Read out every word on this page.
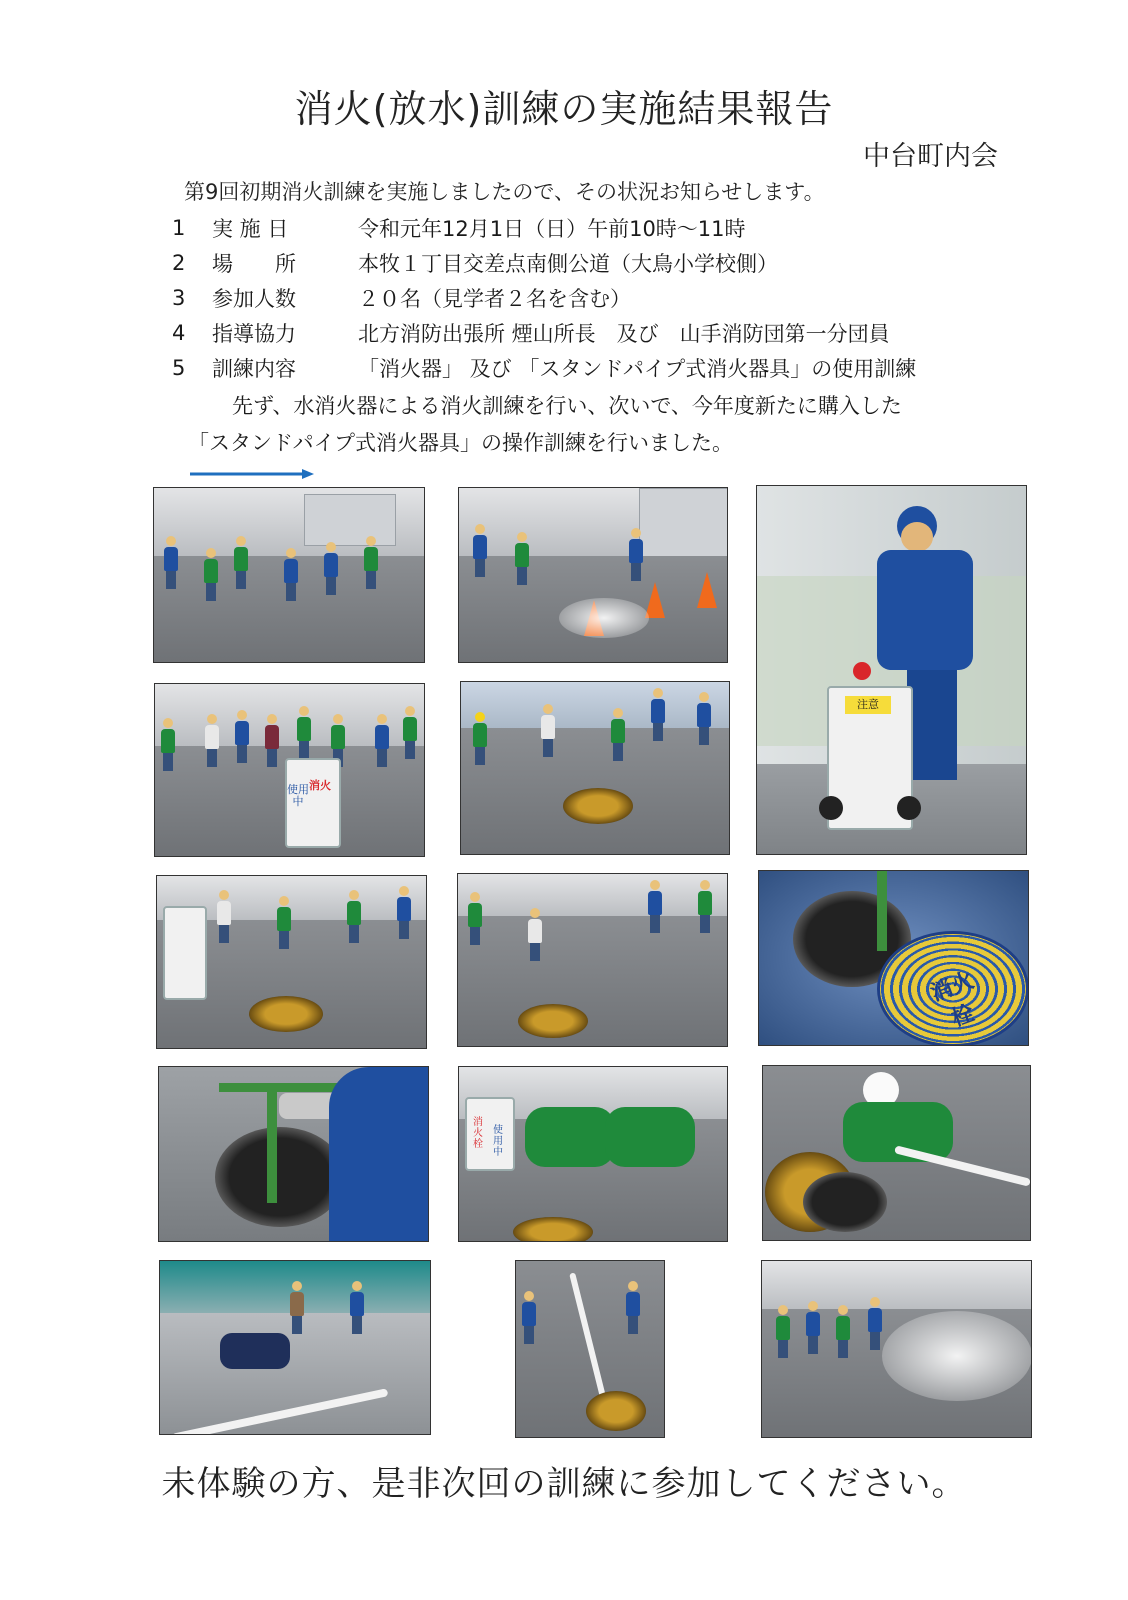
消火(放水)訓練の実施結果報告
中台町内会
第9回初期消火訓練を実施しましたので、その状況お知らせします。
1	実 施 日	令和元年12月1日（日）午前10時～11時
2	場　　所	本牧１丁目交差点南側公道（大鳥小学校側）
3	参加人数	２０名（見学者２名を含む）
4	指導協力	北方消防出張所 煙山所長　及び　山手消防団第一分団員
5	訓練内容	「消火器」 及び 「スタンドパイプ式消火器具」の使用訓練
先ず、水消火器による消火訓練を行い、次いで、今年度新たに購入した
「スタンドパイプ式消火器具」の操作訓練を行いました。
注意
消火
使用中
消火栓
消火栓
使用中
未体験の方、是非次回の訓練に参加してください。
